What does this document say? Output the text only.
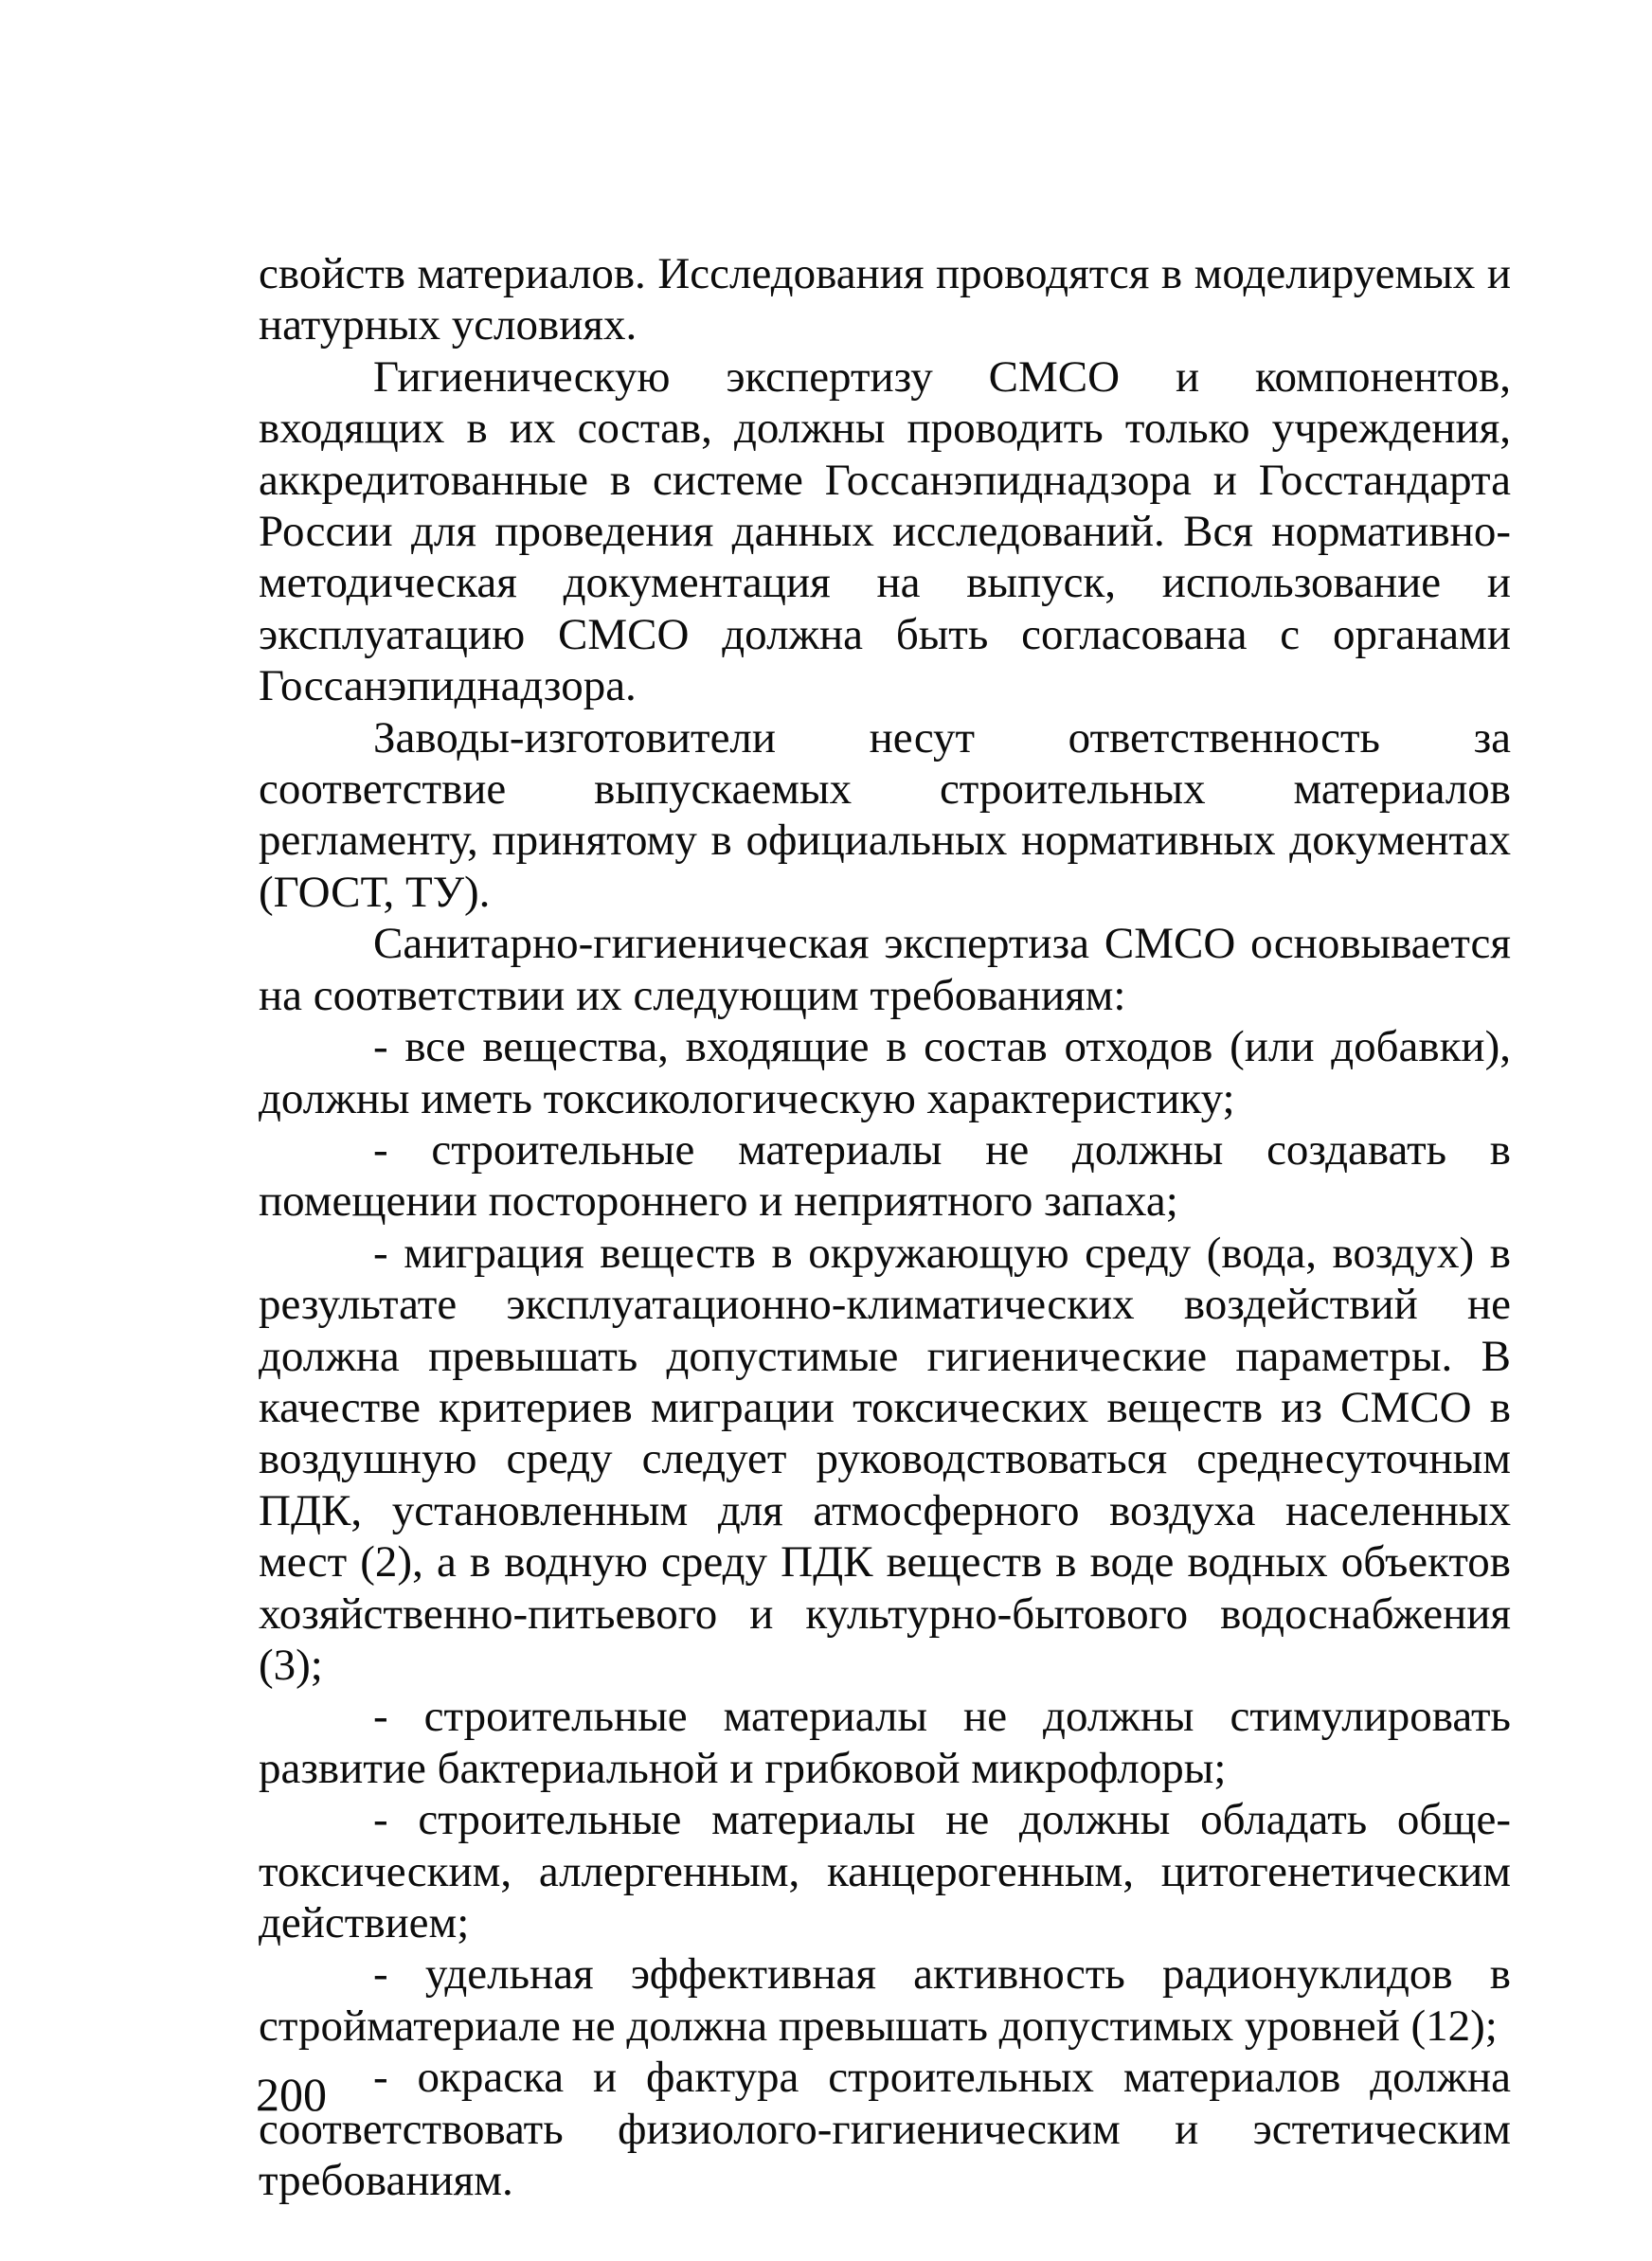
свойств материалов. Исследования проводятся в моделируемых и натурных условиях.

Гигиеническую экспертизу СМСО и компонентов, входящих в их состав, должны проводить только учреждения, аккредитованные в системе Госсанэпиднадзора и Госстандарта России для проведения данных исследований. Вся нормативно-методическая документация на выпуск, использование и эксплуатацию СМСО должна быть согласована с органами Госсанэпиднадзора.

Заводы-изготовители несут ответственность за соответствие выпускаемых строительных материалов регламенту, принятому в официальных нормативных документах (ГОСТ, ТУ).

Санитарно-гигиеническая экспертиза СМСО основывается на соответствии их следующим требованиям:

- все вещества, входящие в состав отходов (или добавки), должны иметь токсикологическую характеристику;

- строительные материалы не должны создавать в помещении постороннего и неприятного запаха;

- миграция веществ в окружающую среду (вода, воздух) в результате эксплуатационно-климатических воздействий не должна превышать допустимые гигиенические параметры. В качестве критериев миграции токсических веществ из СМСО в воздушную среду следует руководствоваться среднесуточным ПДК, установленным для атмосферного воздуха населенных мест (2), а в водную среду ПДК веществ в воде водных объектов хозяйственно-питьевого и культурно-бытового водоснабжения (3);

- строительные материалы не должны стимулировать развитие бактериальной и грибковой микрофлоры;

- строительные материалы не должны обладать общетоксическим, аллергенным, канцерогенным, цитогенетическим действием;

- удельная эффективная активность радионуклидов в стройматериале не должна превышать допустимых уровней (12);

- окраска и фактура строительных материалов должна соответствовать физиолого-гигиеническим и эстетическим требованиям.

200
